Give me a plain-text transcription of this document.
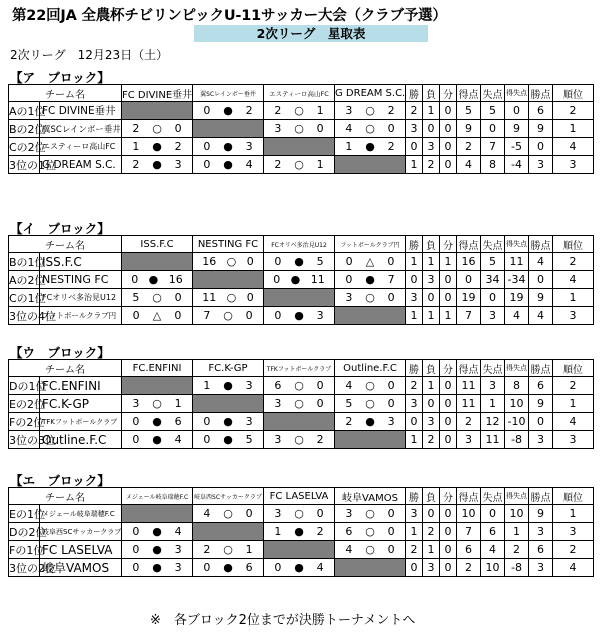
第22回JA 全農杯チビリンピックU-11サッカー大会（クラブ予選）
2次リーグ　星取表
2次リーグ　12月23日（土）
【ア　ブロック】
チーム名		FC DIVINE垂井	翼SCレインボー垂井	エスティーロ高山FC	G DREAM S.C.	勝	負	分	得点	失点	得失点	勝点	順位
Aの1位	FC DIVINE垂井		0 ● 2	2 ○ 1	3 ○ 2	2	1	0	5	5	0	6	2
Bの2位	翼SCレインボー垂井	2 ○ 0		3 ○ 0	4 ○ 0	3	0	0	9	0	9	9	1
Cの2位	エスティーロ高山FC	1 ● 2	0 ● 3		1 ● 2	0	3	0	2	7	-5	0	4
3位の1位	G DREAM S.C.	2 ● 3	0 ● 4	2 ○ 1		1	2	0	4	8	-4	3	3
【イ　ブロック】
チーム名		ISS.F.C	NESTING FC	FCオリベ多治見U12	フットボールクラブ円	勝	負	分	得点	失点	得失点	勝点	順位
Bの1位	ISS.F.C		16 ○ 0	0 ● 5	0 △ 0	1	1	1	16	5	11	4	2
Aの2位	NESTING FC	0 ● 16		0 ● 11	0 ● 7	0	3	0	0	34	-34	0	4
Cの1位	FCオリベ多治見U12	5 ○ 0	11 ○ 0		3 ○ 0	3	0	0	19	0	19	9	1
3位の4位	フットボールクラブ円	0 △ 0	7 ○ 0	0 ● 3		1	1	1	7	3	4	4	3
【ウ　ブロック】
チーム名		FC.ENFINI	FC.K-GP	TFKフットボールクラブ	Outline.F.C	勝	負	分	得点	失点	得失点	勝点	順位
Dの1位	FC.ENFINI		1 ● 3	6 ○ 0	4 ○ 0	2	1	0	11	3	8	6	2
Eの2位	FC.K-GP	3 ○ 1		3 ○ 0	5 ○ 0	3	0	0	11	1	10	9	1
Fの2位	TFKフットボールクラブ	0 ● 6	0 ● 3		2 ● 3	0	3	0	2	12	-10	0	4
3位の3位	Outline.F.C	0 ● 4	0 ● 5	3 ○ 2		1	2	0	3	11	-8	3	3
【エ　ブロック】
チーム名		メジェール岐阜瑞穂F.C	岐阜西SCサッカークラブ	FC LASELVA	岐阜VAMOS	勝	負	分	得点	失点	得失点	勝点	順位
Eの1位	メジェール岐阜瑞穂F.C		4 ○ 0	3 ○ 0	3 ○ 0	3	0	0	10	0	10	9	1
Dの2位	岐阜西SCサッカークラブ	0 ● 4		1 ● 2	6 ○ 0	1	2	0	7	6	1	3	3
Fの1位	FC LASELVA	0 ● 3	2 ○ 1		4 ○ 0	2	1	0	6	4	2	6	2
3位の2位	岐阜VAMOS	0 ● 3	0 ● 6	0 ● 4		0	3	0	2	10	-8	3	4
※　各ブロック2位までが決勝トーナメントへ
